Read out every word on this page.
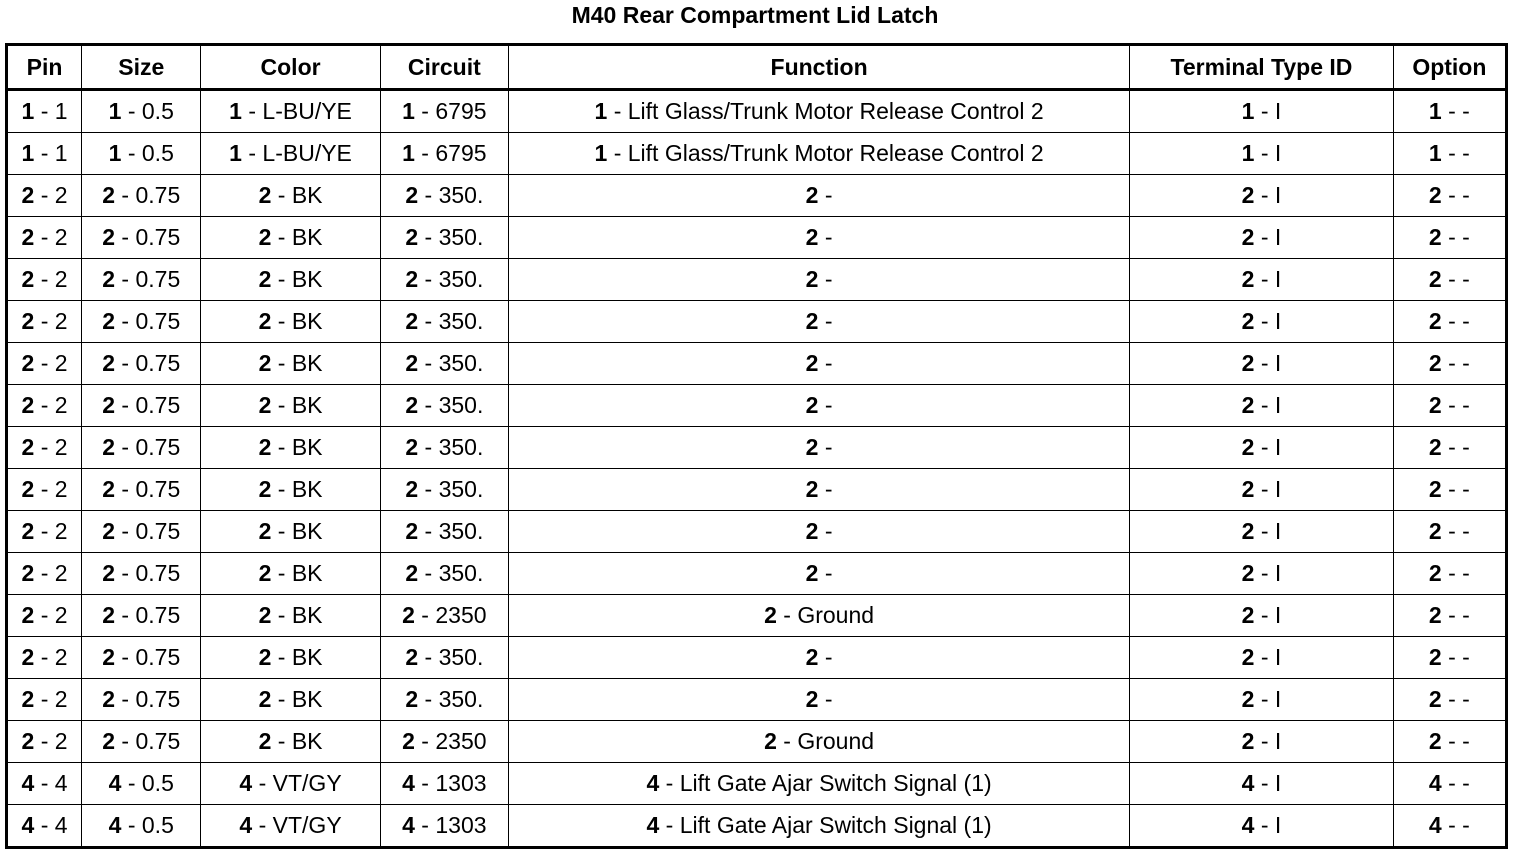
M40 Rear Compartment Lid Latch
Pin	Size	Color	Circuit	Function	Terminal Type ID	Option
1 - 1	1 - 0.5	1 - L-BU/YE	1 - 6795	1 - Lift Glass/Trunk Motor Release Control 2	1 - I	1 - -
1 - 1	1 - 0.5	1 - L-BU/YE	1 - 6795	1 - Lift Glass/Trunk Motor Release Control 2	1 - I	1 - -
2 - 2	2 - 0.75	2 - BK	2 - 350.	2 -	2 - I	2 - -
2 - 2	2 - 0.75	2 - BK	2 - 350.	2 -	2 - I	2 - -
2 - 2	2 - 0.75	2 - BK	2 - 350.	2 -	2 - I	2 - -
2 - 2	2 - 0.75	2 - BK	2 - 350.	2 -	2 - I	2 - -
2 - 2	2 - 0.75	2 - BK	2 - 350.	2 -	2 - I	2 - -
2 - 2	2 - 0.75	2 - BK	2 - 350.	2 -	2 - I	2 - -
2 - 2	2 - 0.75	2 - BK	2 - 350.	2 -	2 - I	2 - -
2 - 2	2 - 0.75	2 - BK	2 - 350.	2 -	2 - I	2 - -
2 - 2	2 - 0.75	2 - BK	2 - 350.	2 -	2 - I	2 - -
2 - 2	2 - 0.75	2 - BK	2 - 350.	2 -	2 - I	2 - -
2 - 2	2 - 0.75	2 - BK	2 - 2350	2 - Ground	2 - I	2 - -
2 - 2	2 - 0.75	2 - BK	2 - 350.	2 -	2 - I	2 - -
2 - 2	2 - 0.75	2 - BK	2 - 350.	2 -	2 - I	2 - -
2 - 2	2 - 0.75	2 - BK	2 - 2350	2 - Ground	2 - I	2 - -
4 - 4	4 - 0.5	4 - VT/GY	4 - 1303	4 - Lift Gate Ajar Switch Signal (1)	4 - I	4 - -
4 - 4	4 - 0.5	4 - VT/GY	4 - 1303	4 - Lift Gate Ajar Switch Signal (1)	4 - I	4 - -
